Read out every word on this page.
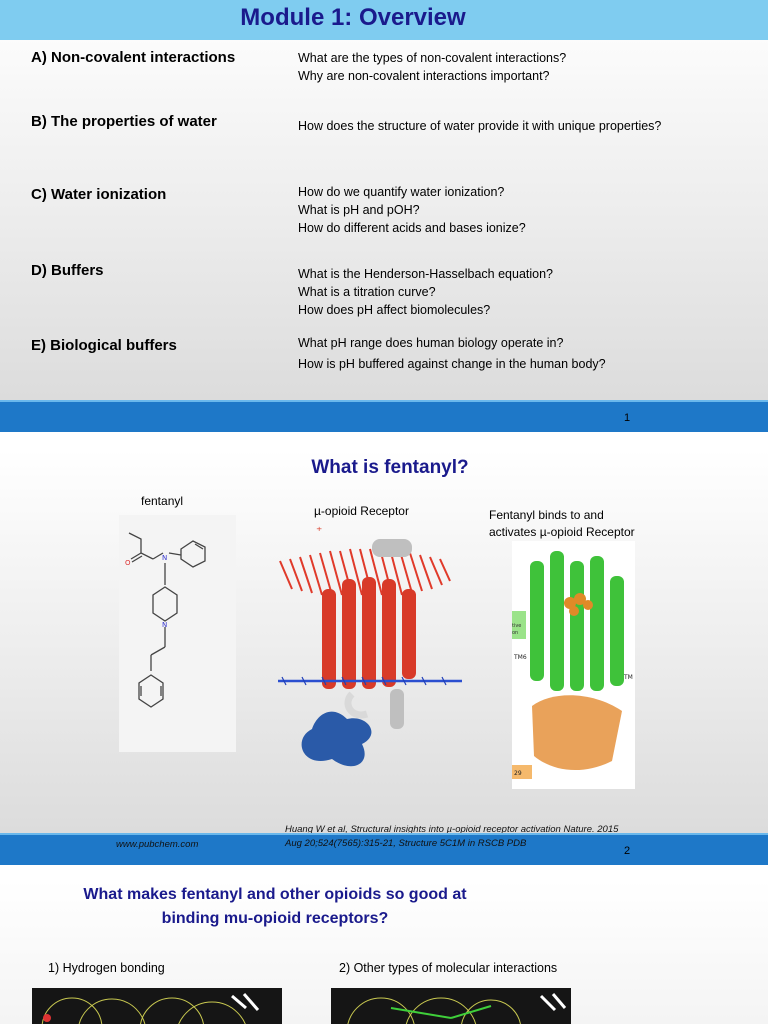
Module 1: Overview
A) Non-covalent interactions	What are the types of non-covalent interactions?
Why are non-covalent interactions important?
B) The properties of water	How does the structure of water provide it with unique properties?
C) Water ionization	How do we quantify water ionization?
What is pH and pOH?
How do different acids and bases ionize?
D) Buffers	What is the Henderson-Hasselbach equation?
What is a titration curve?
How does pH affect biomolecules?
E) Biological buffers	What pH range does human biology operate in?
How is pH buffered against change in the human body?
1
What is fentanyl?
fentanyl
µ-opioid Receptor	Fentanyl binds to and
activates µ-opioid Receptor
O
N
N
⁺
tive
on
TM6
TM
29
Huang W et al, Structural insights into µ-opioid receptor activation Nature. 2015
Aug 20;524(7565):315-21, Structure 5C1M in RSCB PDB
www.pubchem.com
2
What makes fentanyl and other opioids so good at
binding mu-opioid receptors?
1) Hydrogen bonding	2) Other types of molecular interactions
